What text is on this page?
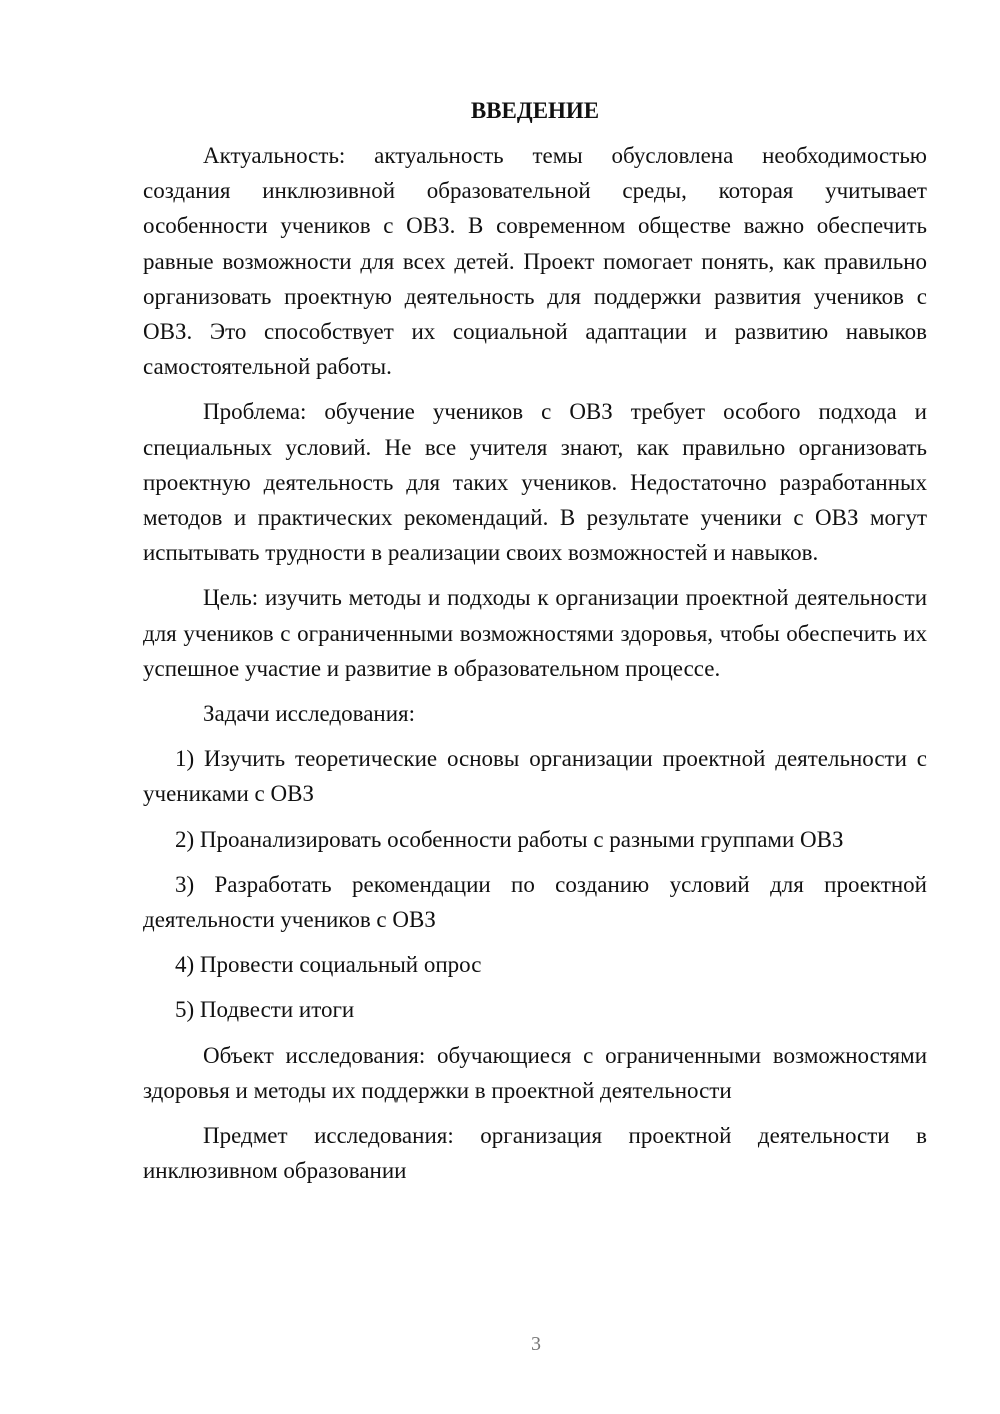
ВВЕДЕНИЕ

Актуальность: актуальность темы обусловлена необходимостью создания инклюзивной образовательной среды, которая учитывает особенности учеников с ОВЗ. В современном обществе важно обеспечить равные возможности для всех детей. Проект помогает понять, как правильно организовать проектную деятельность для поддержки развития учеников с ОВЗ. Это способствует их социальной адаптации и развитию навыков самостоятельной работы.

Проблема: обучение учеников с ОВЗ требует особого подхода и специальных условий. Не все учителя знают, как правильно организовать проектную деятельность для таких учеников. Недостаточно разработанных методов и практических рекомендаций. В результате ученики с ОВЗ могут испытывать трудности в реализации своих возможностей и навыков.

Цель: изучить методы и подходы к организации проектной деятельности для учеников с ограниченными возможностями здоровья, чтобы обеспечить их успешное участие и развитие в образовательном процессе.

Задачи исследования:

1) Изучить теоретические основы организации проектной деятельности с учениками с ОВЗ

2) Проанализировать особенности работы с разными группами ОВЗ

3) Разработать рекомендации по созданию условий для проектной деятельности учеников с ОВЗ

4) Провести социальный опрос

5) Подвести итоги

Объект исследования: обучающиеся с ограниченными возможностями здоровья и методы их поддержки в проектной деятельности

Предмет исследования: организация проектной деятельности в инклюзивном образовании

3
